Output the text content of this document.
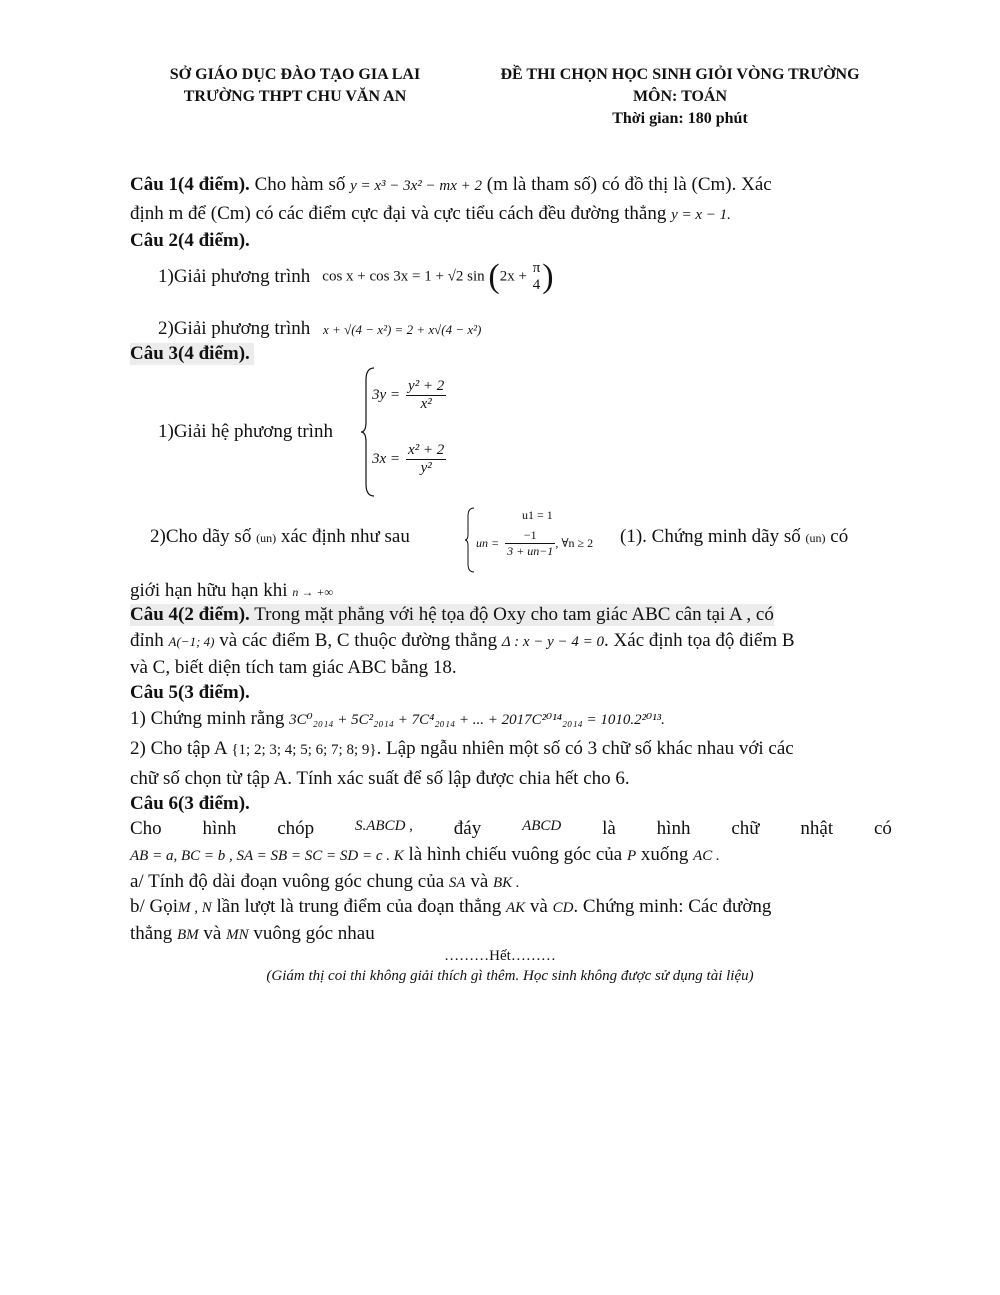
SỞ GIÁO DỤC ĐÀO TẠO GIA LAI
TRƯỜNG THPT CHU VĂN AN
ĐỀ THI CHỌN HỌC SINH GIỎI VÒNG TRƯỜNG
MÔN: TOÁN
Thời gian: 180 phút
Câu 1(4 điểm). Cho hàm số y = x³ − 3x² − mx + 2 (m là tham số) có đồ thị là (Cm). Xác
định m để (Cm) có các điểm cực đại và cực tiểu cách đều đường thẳng y = x − 1.
Câu 2(4 điểm).
1)Giải phương trình cos x + cos 3x = 1 + √2 sin (2x +
π
4 )
2)Giải phương trình x + √(4 − x²) = 2 + x√(4 − x²)
Câu 3(4 điểm).
1)Giải hệ phương trình
$3y = \frac{\text{y² + 2}}{\text{x²}}$
$3x = \frac{\text{x² + 2}}{\text{y²}}$
2)Cho dãy số (un) xác định như sau
u1 = 1
un = $\frac{-1}{3 + un-1}$ , ∀n ≥ 2 (1). Chứng minh dãy số (un) có
giới hạn hữu hạn khi n → +∞
Câu 4(2 điểm). Trong mặt phẳng với hệ tọa độ Oxy cho tam giác ABC cân tại A , có
đỉnh A(−1; 4) và các điểm B, C thuộc đường thẳng Δ : x − y − 4 = 0. Xác định tọa độ điểm B
và C, biết diện tích tam giác ABC bằng 18.
Câu 5(3 điểm).
1) Chứng minh rằng 3C⁰₂₀₁₄ + 5C²₂₀₁₄ + 7C⁴₂₀₁₄ + ... + 2017C²⁰¹⁴₂₀₁₄ = 1010.2²⁰¹³.
2) Cho tập A {1; 2; 3; 4; 5; 6; 7; 8; 9}. Lập ngẫu nhiên một số có 3 chữ số khác nhau với các
chữ số chọn từ tập A. Tính xác suất để số lập được chia hết cho 6.
Câu 6(3 điểm).
Cho hình chóp	S.ABCD , đáy	ABCD là hình chữ nhật có
AB = a, BC = b , SA = SB = SC = SD = c . K là hình chiếu vuông góc của P xuống AC .
a/ Tính độ dài đoạn vuông góc chung của SA và BK .
b/ GọiM , N lần lượt là trung điểm của đoạn thẳng AK và CD. Chứng minh: Các đường
thẳng BM và MN vuông góc nhau
………Hết………
(Giám thị coi thi không giải thích gì thêm. Học sinh không được sử dụng tài liệu)
